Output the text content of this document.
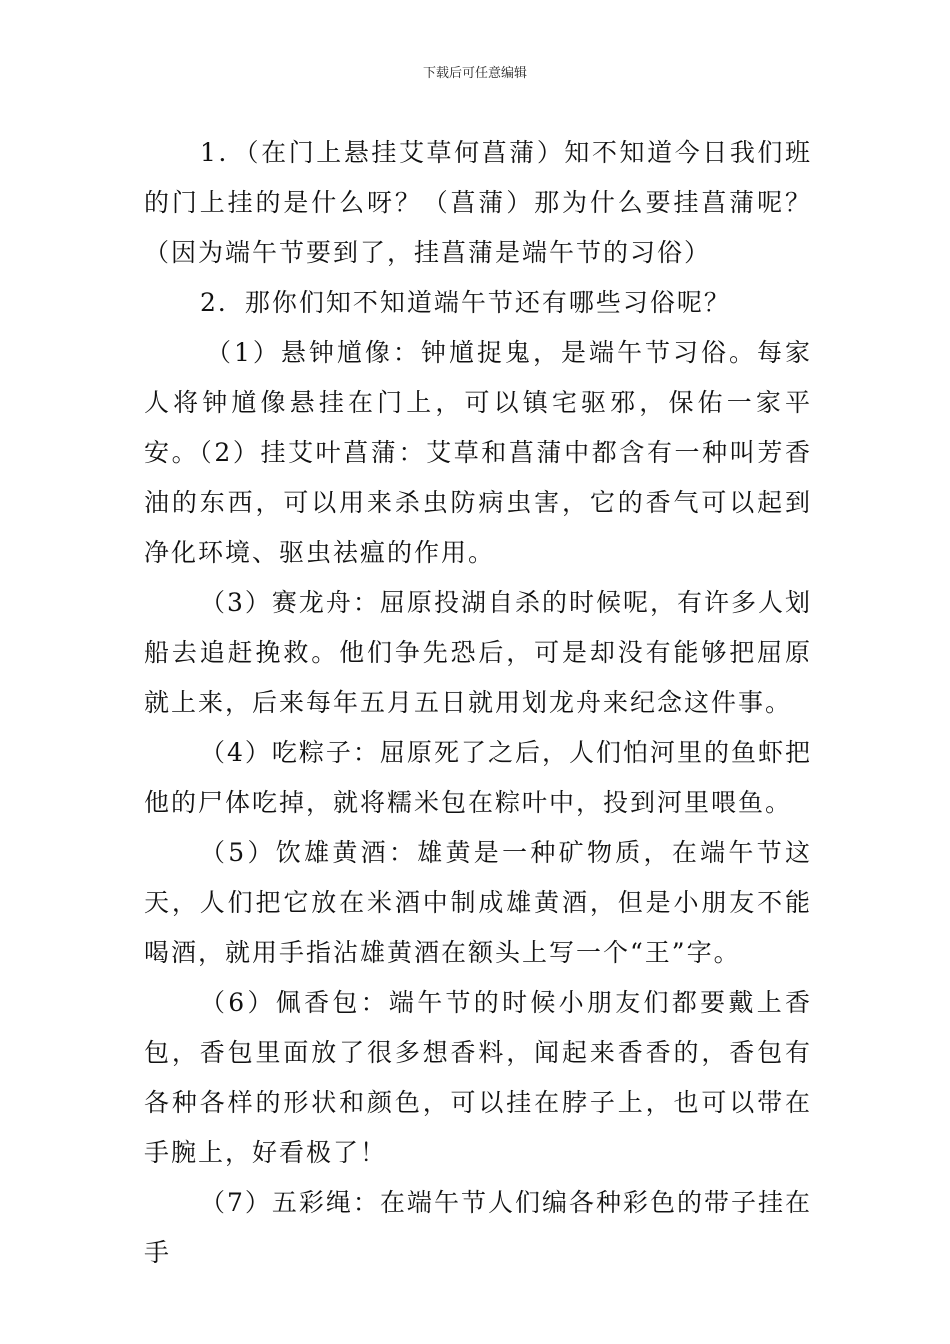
下载后可任意编辑

1．（在门上悬挂艾草何菖蒲）知不知道今日我们班的门上挂的是什么呀？（菖蒲）那为什么要挂菖蒲呢？（因为端午节要到了，挂菖蒲是端午节的习俗）

2．那你们知不知道端午节还有哪些习俗呢？

（1）悬钟馗像：钟馗捉鬼，是端午节习俗。每家人将钟馗像悬挂在门上，可以镇宅驱邪，保佑一家平安。（2）挂艾叶菖蒲：艾草和菖蒲中都含有一种叫芳香油的东西，可以用来杀虫防病虫害，它的香气可以起到净化环境、驱虫祛瘟的作用。

（3）赛龙舟：屈原投湖自杀的时候呢，有许多人划船去追赶挽救。他们争先恐后，可是却没有能够把屈原就上来，后来每年五月五日就用划龙舟来纪念这件事。

（4）吃粽子：屈原死了之后，人们怕河里的鱼虾把他的尸体吃掉，就将糯米包在粽叶中，投到河里喂鱼。

（5）饮雄黄酒：雄黄是一种矿物质，在端午节这天，人们把它放在米酒中制成雄黄酒，但是小朋友不能喝酒，就用手指沾雄黄酒在额头上写一个“王”字。

（6）佩香包：端午节的时候小朋友们都要戴上香包，香包里面放了很多想香料，闻起来香香的，香包有各种各样的形状和颜色，可以挂在脖子上，也可以带在手腕上，好看极了！

（7）五彩绳：在端午节人们编各种彩色的带子挂在手
